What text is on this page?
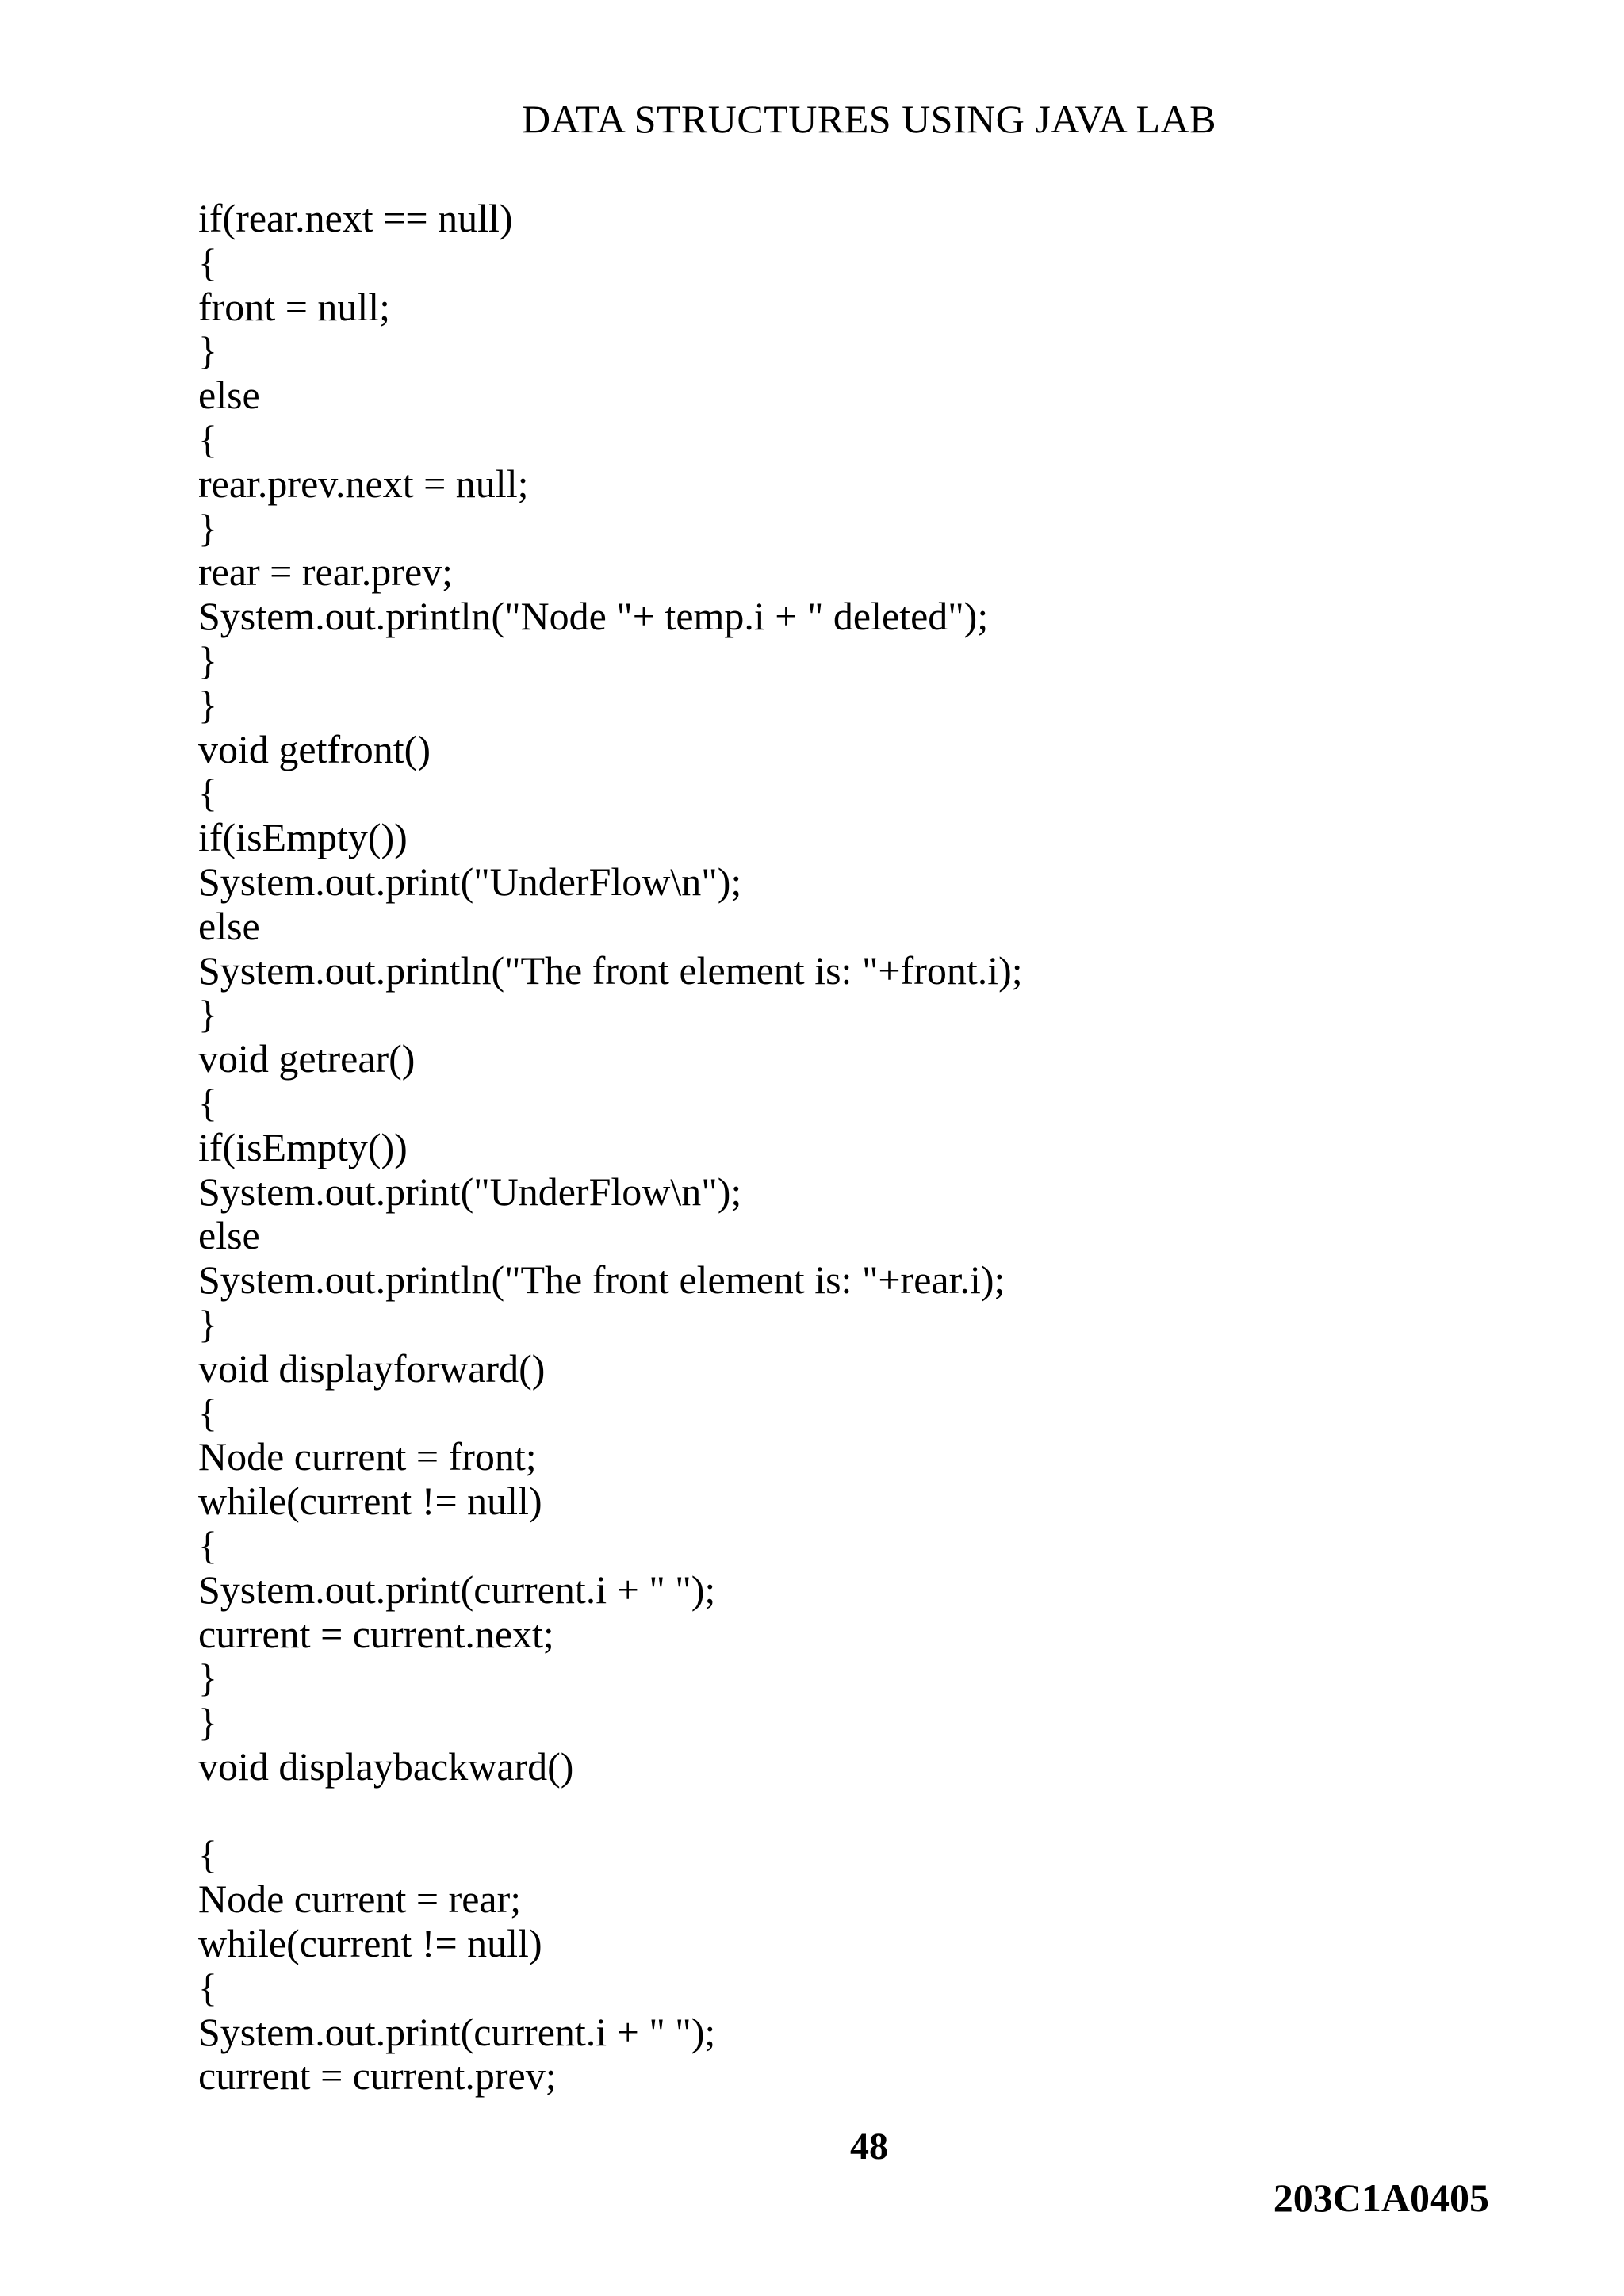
DATA STRUCTURES USING JAVA LAB
if(rear.next == null)
{
front = null;
}
else
{
rear.prev.next = null;
}
rear = rear.prev;
System.out.println("Node "+ temp.i + " deleted");
}
}
void getfront()
{
if(isEmpty())
System.out.print("UnderFlow\n");
else
System.out.println("The front element is: "+front.i);
}
void getrear()
{
if(isEmpty())
System.out.print("UnderFlow\n");
else
System.out.println("The front element is: "+rear.i);
}
void displayforward()
{
Node current = front;
while(current != null)
{
System.out.print(current.i + " ");
current = current.next;
}
}
void displaybackward()
{
Node current = rear;
while(current != null)
{
System.out.print(current.i + " ");
current = current.prev;
48
203C1A0405
